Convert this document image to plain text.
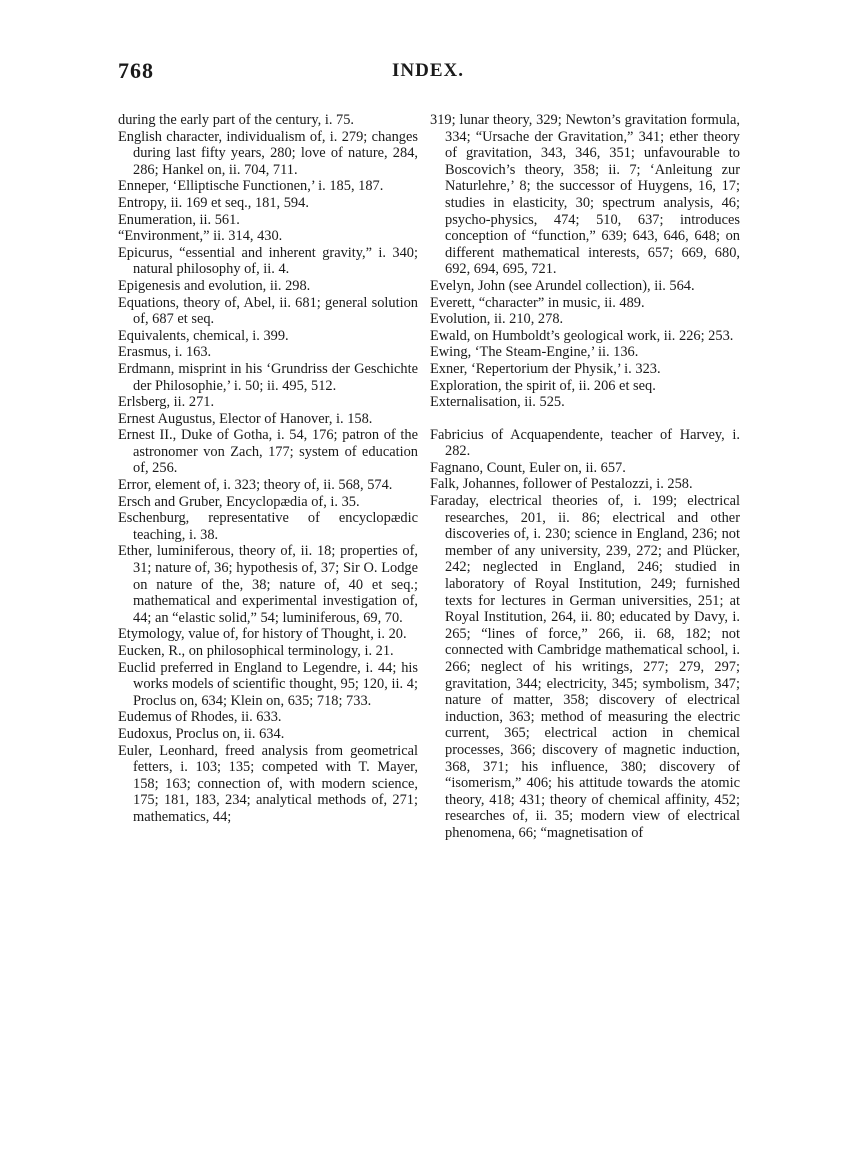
768	INDEX.

during the early part of the century, i. 75.

English character, individualism of, i. 279; changes during last fifty years, 280; love of nature, 284, 286; Hankel on, ii. 704, 711.

Enneper, ‘Elliptische Functionen,’ i. 185, 187.

Entropy, ii. 169 et seq., 181, 594.

Enumeration, ii. 561.

“Environment,” ii. 314, 430.

Epicurus, “essential and inherent gravity,” i. 340; natural philosophy of, ii. 4.

Epigenesis and evolution, ii. 298.

Equations, theory of, Abel, ii. 681; general solution of, 687 et seq.

Equivalents, chemical, i. 399.

Erasmus, i. 163.

Erdmann, misprint in his ‘Grundriss der Geschichte der Philosophie,’ i. 50; ii. 495, 512.

Erlsberg, ii. 271.

Ernest Augustus, Elector of Hanover, i. 158.

Ernest II., Duke of Gotha, i. 54, 176; patron of the astronomer von Zach, 177; system of education of, 256.

Error, element of, i. 323; theory of, ii. 568, 574.

Ersch and Gruber, Encyclopædia of, i. 35.

Eschenburg, representative of encyclopædic teaching, i. 38.

Ether, luminiferous, theory of, ii. 18; properties of, 31; nature of, 36; hypothesis of, 37; Sir O. Lodge on nature of the, 38; nature of, 40 et seq.; mathematical and experimental investigation of, 44; an “elastic solid,” 54; luminiferous, 69, 70.

Etymology, value of, for history of Thought, i. 20.

Eucken, R., on philosophical terminology, i. 21.

Euclid preferred in England to Legendre, i. 44; his works models of scientific thought, 95; 120, ii. 4; Proclus on, 634; Klein on, 635; 718; 733.

Eudemus of Rhodes, ii. 633.

Eudoxus, Proclus on, ii. 634.

Euler, Leonhard, freed analysis from geometrical fetters, i. 103; 135; competed with T. Mayer, 158; 163; connection of, with modern science, 175; 181, 183, 234; analytical methods of, 271; mathematics, 44;

319; lunar theory, 329; Newton’s gravitation formula, 334; “Ursache der Gravitation,” 341; ether theory of gravitation, 343, 346, 351; unfavourable to Boscovich’s theory, 358; ii. 7; ‘Anleitung zur Naturlehre,’ 8; the successor of Huygens, 16, 17; studies in elasticity, 30; spectrum analysis, 46; psycho-physics, 474; 510, 637; introduces conception of “function,” 639; 643, 646, 648; on different mathematical interests, 657; 669, 680, 692, 694, 695, 721.

Evelyn, John (see Arundel collection), ii. 564.

Everett, “character” in music, ii. 489.

Evolution, ii. 210, 278.

Ewald, on Humboldt’s geological work, ii. 226; 253.

Ewing, ‘The Steam-Engine,’ ii. 136.

Exner, ‘Repertorium der Physik,’ i. 323.

Exploration, the spirit of, ii. 206 et seq.

Externalisation, ii. 525.

Fabricius of Acquapendente, teacher of Harvey, i. 282.

Fagnano, Count, Euler on, ii. 657.

Falk, Johannes, follower of Pestalozzi, i. 258.

Faraday, electrical theories of, i. 199; electrical researches, 201, ii. 86; electrical and other discoveries of, i. 230; science in England, 236; not member of any university, 239, 272; and Plücker, 242; neglected in England, 246; studied in laboratory of Royal Institution, 249; furnished texts for lectures in German universities, 251; at Royal Institution, 264, ii. 80; educated by Davy, i. 265; “lines of force,” 266, ii. 68, 182; not connected with Cambridge mathematical school, i. 266; neglect of his writings, 277; 279, 297; gravitation, 344; electricity, 345; symbolism, 347; nature of matter, 358; discovery of electrical induction, 363; method of measuring the electric current, 365; electrical action in chemical processes, 366; discovery of magnetic induction, 368, 371; his influence, 380; discovery of “isomerism,” 406; his attitude towards the atomic theory, 418; 431; theory of chemical affinity, 452; researches of, ii. 35; modern view of electrical phenomena, 66; “magnetisation of
